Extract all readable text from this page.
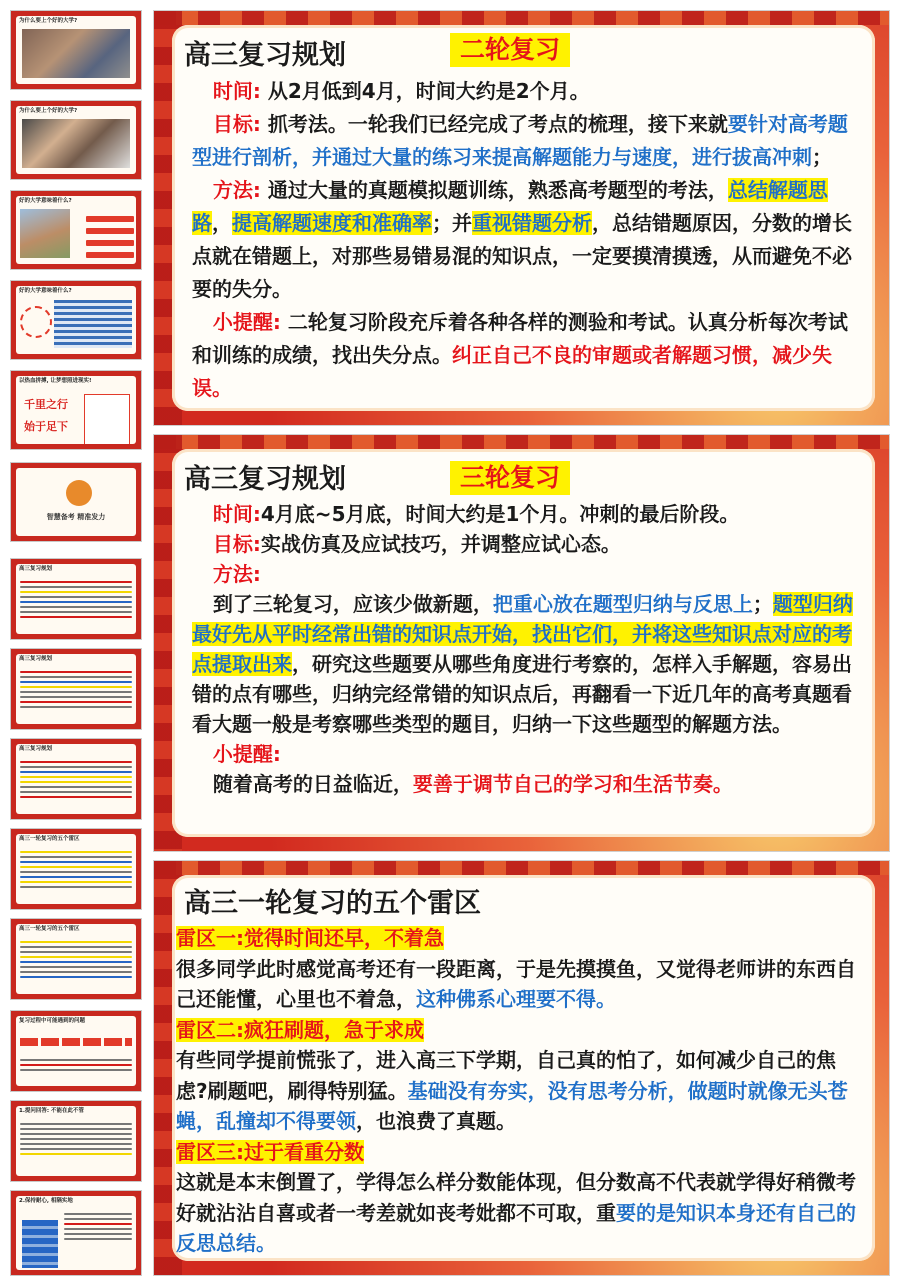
为什么要上个好的大学?
为什么要上个好的大学?
好的大学意味着什么?
好的大学意味着什么?
以热血拼搏, 让梦想照进现实!
千里之行
始于足下
智慧备考 精准发力
高三复习规划
高三复习规划
高三复习规划
高三一轮复习的五个雷区
高三一轮复习的五个雷区
复习过程中可能遇到的问题
1.提问回答: 不能在此不管
2.保持耐心, 相隔实地
高三复习规划	二轮复习

时间: 从2月低到4月，时间大约是2个月。

目标: 抓考法。一轮我们已经完成了考点的梳理，接下来就要针对高考题型进行剖析，并通过大量的练习来提高解题能力与速度，进行拔高冲刺；

方法: 通过大量的真题模拟题训练，熟悉高考题型的考法，总结解题思路，提高解题速度和准确率；并重视错题分析，总结错题原因，分数的增长点就在错题上，对那些易错易混的知识点，一定要摸清摸透，从而避免不必要的失分。

小提醒: 二轮复习阶段充斥着各种各样的测验和考试。认真分析每次考试和训练的成绩，找出失分点。纠正自己不良的审题或者解题习惯，减少失误。

高三复习规划	三轮复习

时间:4月底~5月底，时间大约是1个月。冲刺的最后阶段。

目标:实战仿真及应试技巧，并调整应试心态。

方法:

到了三轮复习，应该少做新题，把重心放在题型归纳与反思上；题型归纳最好先从平时经常出错的知识点开始，找出它们，并将这些知识点对应的考点提取出来，研究这些题要从哪些角度进行考察的，怎样入手解题，容易出错的点有哪些，归纳完经常错的知识点后，再翻看一下近几年的高考真题看看大题一般是考察哪些类型的题目，归纳一下这些题型的解题方法。

小提醒:

随着高考的日益临近，要善于调节自己的学习和生活节奏。

高三一轮复习的五个雷区

雷区一:觉得时间还早，不着急

很多同学此时感觉高考还有一段距离，于是先摸摸鱼，又觉得老师讲的东西自己还能懂，心里也不着急，这种佛系心理要不得。

雷区二:疯狂刷题，急于求成

有些同学提前慌张了，进入高三下学期，自己真的怕了，如何减少自己的焦虑?刷题吧，刷得特别猛。基础没有夯实，没有思考分析，做题时就像无头苍蝇，乱撞却不得要领，也浪费了真题。

雷区三:过于看重分数

这就是本末倒置了，学得怎么样分数能体现，但分数高不代表就学得好稍微考好就沾沾自喜或者一考差就如丧考妣都不可取，重要的是知识本身还有自己的反思总结。
